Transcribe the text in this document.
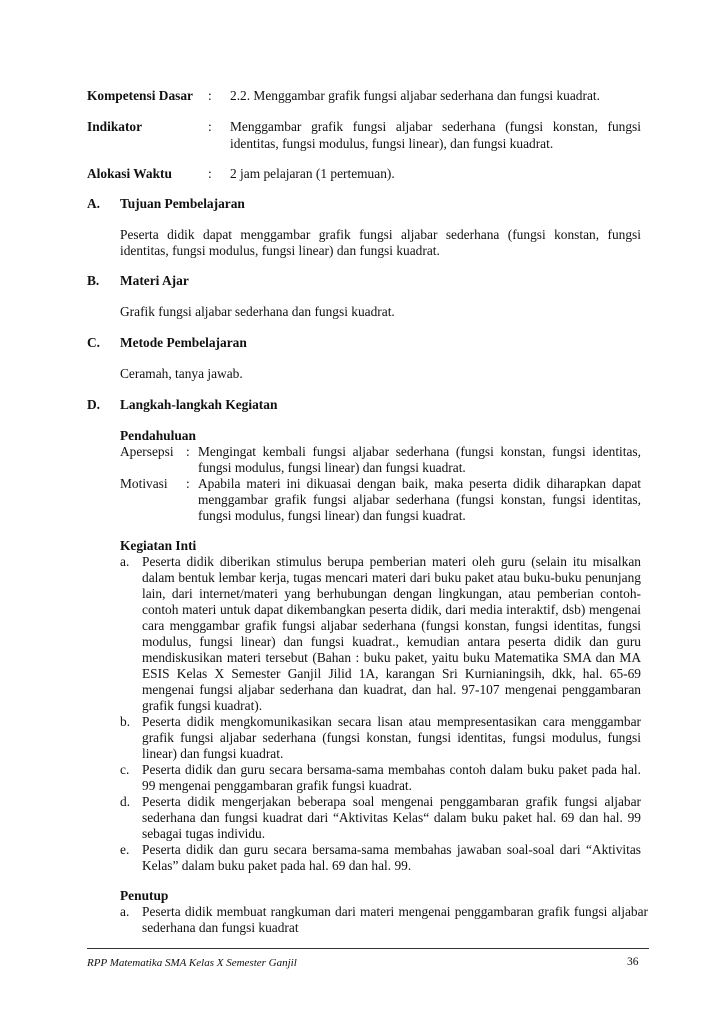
Kompetensi Dasar : 2.2. Menggambar grafik fungsi aljabar sederhana dan fungsi kuadrat.
Indikator	: Menggambar grafik fungsi aljabar sederhana (fungsi konstan, fungsi
identitas, fungsi modulus, fungsi linear), dan fungsi kuadrat.
Alokasi Waktu	: 2 jam pelajaran (1 pertemuan).
A. Tujuan Pembelajaran
Peserta didik dapat menggambar grafik fungsi aljabar sederhana (fungsi konstan, fungsi
identitas, fungsi modulus, fungsi linear) dan fungsi kuadrat.
B. Materi Ajar
Grafik fungsi aljabar sederhana dan fungsi kuadrat.
C. Metode Pembelajaran
Ceramah, tanya jawab.
D. Langkah-langkah Kegiatan
Pendahuluan
Apersepsi : Mengingat kembali fungsi aljabar sederhana (fungsi konstan, fungsi identitas,
fungsi modulus, fungsi linear) dan fungsi kuadrat.
Motivasi : Apabila materi ini dikuasai dengan baik, maka peserta didik diharapkan dapat
menggambar grafik fungsi aljabar sederhana (fungsi konstan, fungsi identitas,
fungsi modulus, fungsi linear) dan fungsi kuadrat.
Kegiatan Inti
a. Peserta didik diberikan stimulus berupa pemberian materi oleh guru (selain itu misalkan
dalam bentuk lembar kerja, tugas mencari materi dari buku paket atau buku-buku penunjang
lain, dari internet/materi yang berhubungan dengan lingkungan, atau pemberian contoh-
contoh materi untuk dapat dikembangkan peserta didik, dari media interaktif, dsb) mengenai
cara menggambar grafik fungsi aljabar sederhana (fungsi konstan, fungsi identitas, fungsi
modulus, fungsi linear) dan fungsi kuadrat., kemudian antara peserta didik dan guru
mendiskusikan materi tersebut (Bahan : buku paket, yaitu buku Matematika SMA dan MA
ESIS Kelas X Semester Ganjil Jilid 1A, karangan Sri Kurnianingsih, dkk, hal. 65-69
mengenai fungsi aljabar sederhana dan kuadrat, dan hal. 97-107 mengenai penggambaran
grafik fungsi kuadrat).
b. Peserta didik mengkomunikasikan secara lisan atau mempresentasikan cara menggambar
grafik fungsi aljabar sederhana (fungsi konstan, fungsi identitas, fungsi modulus, fungsi
linear) dan fungsi kuadrat.
c. Peserta didik dan guru secara bersama-sama membahas contoh dalam buku paket pada hal.
99 mengenai penggambaran grafik fungsi kuadrat.
d. Peserta didik mengerjakan beberapa soal mengenai penggambaran grafik fungsi aljabar
sederhana dan fungsi kuadrat dari “Aktivitas Kelas“ dalam buku paket hal. 69 dan hal. 99
sebagai tugas individu.
e. Peserta didik dan guru secara bersama-sama membahas jawaban soal-soal dari “Aktivitas
Kelas” dalam buku paket pada hal. 69 dan hal. 99.
Penutup
a. Peserta didik membuat rangkuman dari materi mengenai penggambaran grafik fungsi aljabar
sederhana dan fungsi kuadrat
RPP Matematika SMA Kelas X Semester Ganjil	36
